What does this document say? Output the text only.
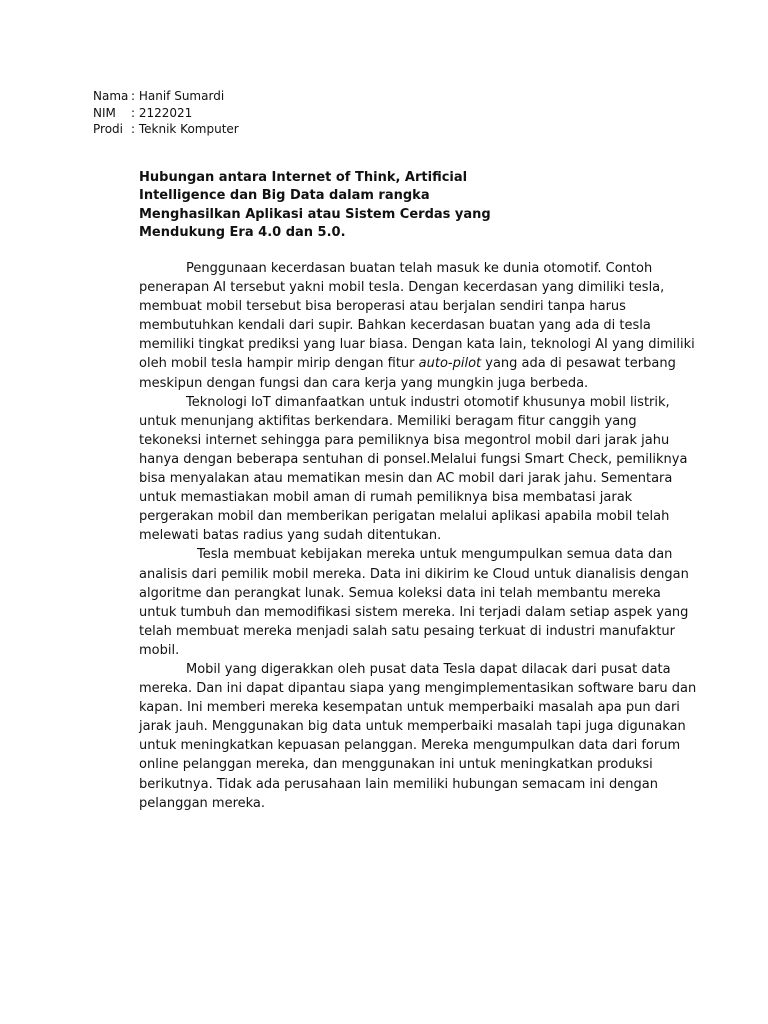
Nama : Hanif Sumardi
NIM : 2122021
Prodi : Teknik Komputer
Hubungan antara Internet of Think, Artificial
Intelligence dan Big Data dalam rangka
Menghasilkan Aplikasi atau Sistem Cerdas yang
Mendukung Era 4.0 dan 5.0.
Penggunaan kecerdasan buatan telah masuk ke dunia otomotif. Contoh
penerapan AI tersebut yakni mobil tesla. Dengan kecerdasan yang dimiliki tesla,
membuat mobil tersebut bisa beroperasi atau berjalan sendiri tanpa harus
membutuhkan kendali dari supir. Bahkan kecerdasan buatan yang ada di tesla
memiliki tingkat prediksi yang luar biasa. Dengan kata lain, teknologi AI yang dimiliki
oleh mobil tesla hampir mirip dengan fitur auto-pilot yang ada di pesawat terbang
meskipun dengan fungsi dan cara kerja yang mungkin juga berbeda.
Teknologi IoT dimanfaatkan untuk industri otomotif khusunya mobil listrik,
untuk menunjang aktifitas berkendara. Memiliki beragam fitur canggih yang
tekoneksi internet sehingga para pemiliknya bisa megontrol mobil dari jarak jahu
hanya dengan beberapa sentuhan di ponsel.Melalui fungsi Smart Check, pemiliknya
bisa menyalakan atau mematikan mesin dan AC mobil dari jarak jahu. Sementara
untuk memastiakan mobil aman di rumah pemiliknya bisa membatasi jarak
pergerakan mobil dan memberikan perigatan melalui aplikasi apabila mobil telah
melewati batas radius yang sudah ditentukan.
Tesla membuat kebijakan mereka untuk mengumpulkan semua data dan
analisis dari pemilik mobil mereka. Data ini dikirim ke Cloud untuk dianalisis dengan
algoritme dan perangkat lunak. Semua koleksi data ini telah membantu mereka
untuk tumbuh dan memodifikasi sistem mereka. Ini terjadi dalam setiap aspek yang
telah membuat mereka menjadi salah satu pesaing terkuat di industri manufaktur
mobil.
Mobil yang digerakkan oleh pusat data Tesla dapat dilacak dari pusat data
mereka. Dan ini dapat dipantau siapa yang mengimplementasikan software baru dan
kapan. Ini memberi mereka kesempatan untuk memperbaiki masalah apa pun dari
jarak jauh. Menggunakan big data untuk memperbaiki masalah tapi juga digunakan
untuk meningkatkan kepuasan pelanggan. Mereka mengumpulkan data dari forum
online pelanggan mereka, dan menggunakan ini untuk meningkatkan produksi
berikutnya. Tidak ada perusahaan lain memiliki hubungan semacam ini dengan
pelanggan mereka.
